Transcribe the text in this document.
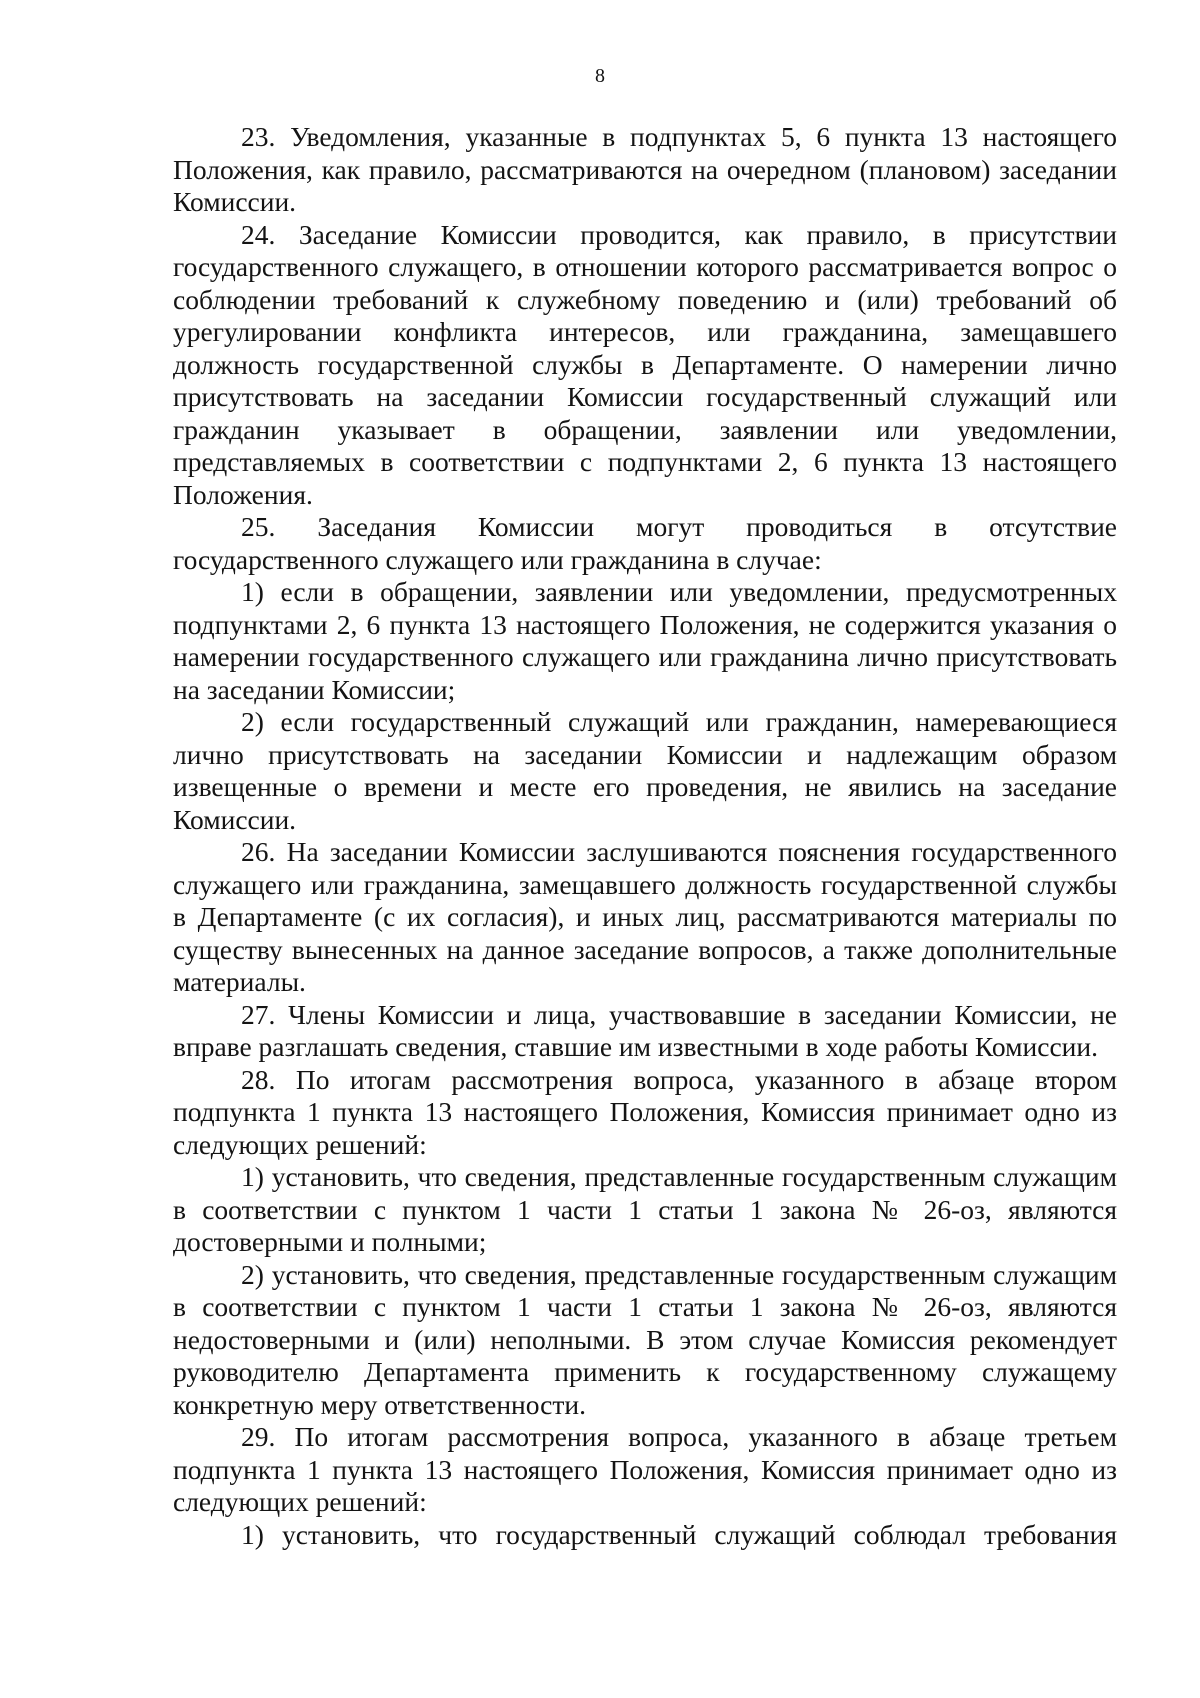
8

23. Уведомления, указанные в подпунктах 5, 6 пункта 13 настоящего Положения, как правило, рассматриваются на очередном (плановом) заседании Комиссии.

24. Заседание Комиссии проводится, как правило, в присутствии государственного служащего, в отношении которого рассматривается вопрос о соблюдении требований к служебному поведению и (или) требований об урегулировании конфликта интересов, или гражданина, замещавшего должность государственной службы в Департаменте. О намерении лично присутствовать на заседании Комиссии государственный служащий или гражданин указывает в обращении, заявлении или уведомлении, представляемых в соответствии с подпунктами 2, 6 пункта 13 настоящего Положения.

25. Заседания Комиссии могут проводиться в отсутствие государственного служащего или гражданина в случае:

1) если в обращении, заявлении или уведомлении, предусмотренных подпунктами 2, 6 пункта 13 настоящего Положения, не содержится указания о намерении государственного служащего или гражданина лично присутствовать на заседании Комиссии;

2) если государственный служащий или гражданин, намеревающиеся лично присутствовать на заседании Комиссии и надлежащим образом извещенные о времени и месте его проведения, не явились на заседание Комиссии.

26. На заседании Комиссии заслушиваются пояснения государственного служащего или гражданина, замещавшего должность государственной службы в Департаменте (с их согласия), и иных лиц, рассматриваются материалы по существу вынесенных на данное заседание вопросов, а также дополнительные материалы.

27. Члены Комиссии и лица, участвовавшие в заседании Комиссии, не вправе разглашать сведения, ставшие им известными в ходе работы Комиссии.

28. По итогам рассмотрения вопроса, указанного в абзаце втором подпункта 1 пункта 13 настоящего Положения, Комиссия принимает одно из следующих решений:

1) установить, что сведения, представленные государственным служащим в соответствии с пунктом 1 части 1 статьи 1 закона № 26-оз, являются достоверными и полными;

2) установить, что сведения, представленные государственным служащим в соответствии с пунктом 1 части 1 статьи 1 закона № 26-оз, являются недостоверными и (или) неполными. В этом случае Комиссия рекомендует руководителю Департамента применить к государственному служащему конкретную меру ответственности.

29. По итогам рассмотрения вопроса, указанного в абзаце третьем подпункта 1 пункта 13 настоящего Положения, Комиссия принимает одно из следующих решений:

1) установить, что государственный служащий соблюдал требования
